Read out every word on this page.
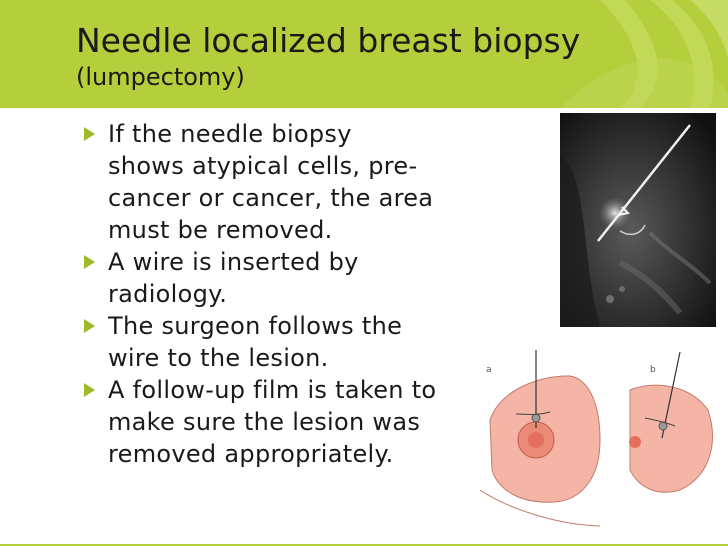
Needle localized breast biopsy
(lumpectomy)
If the needle biopsy
shows atypical cells, pre-
cancer or cancer, the area
must be removed.
A wire is inserted by
radiology.
The surgeon follows the
wire to the lesion.
A follow-up film is taken to
make sure the lesion was
removed appropriately.
a	b
